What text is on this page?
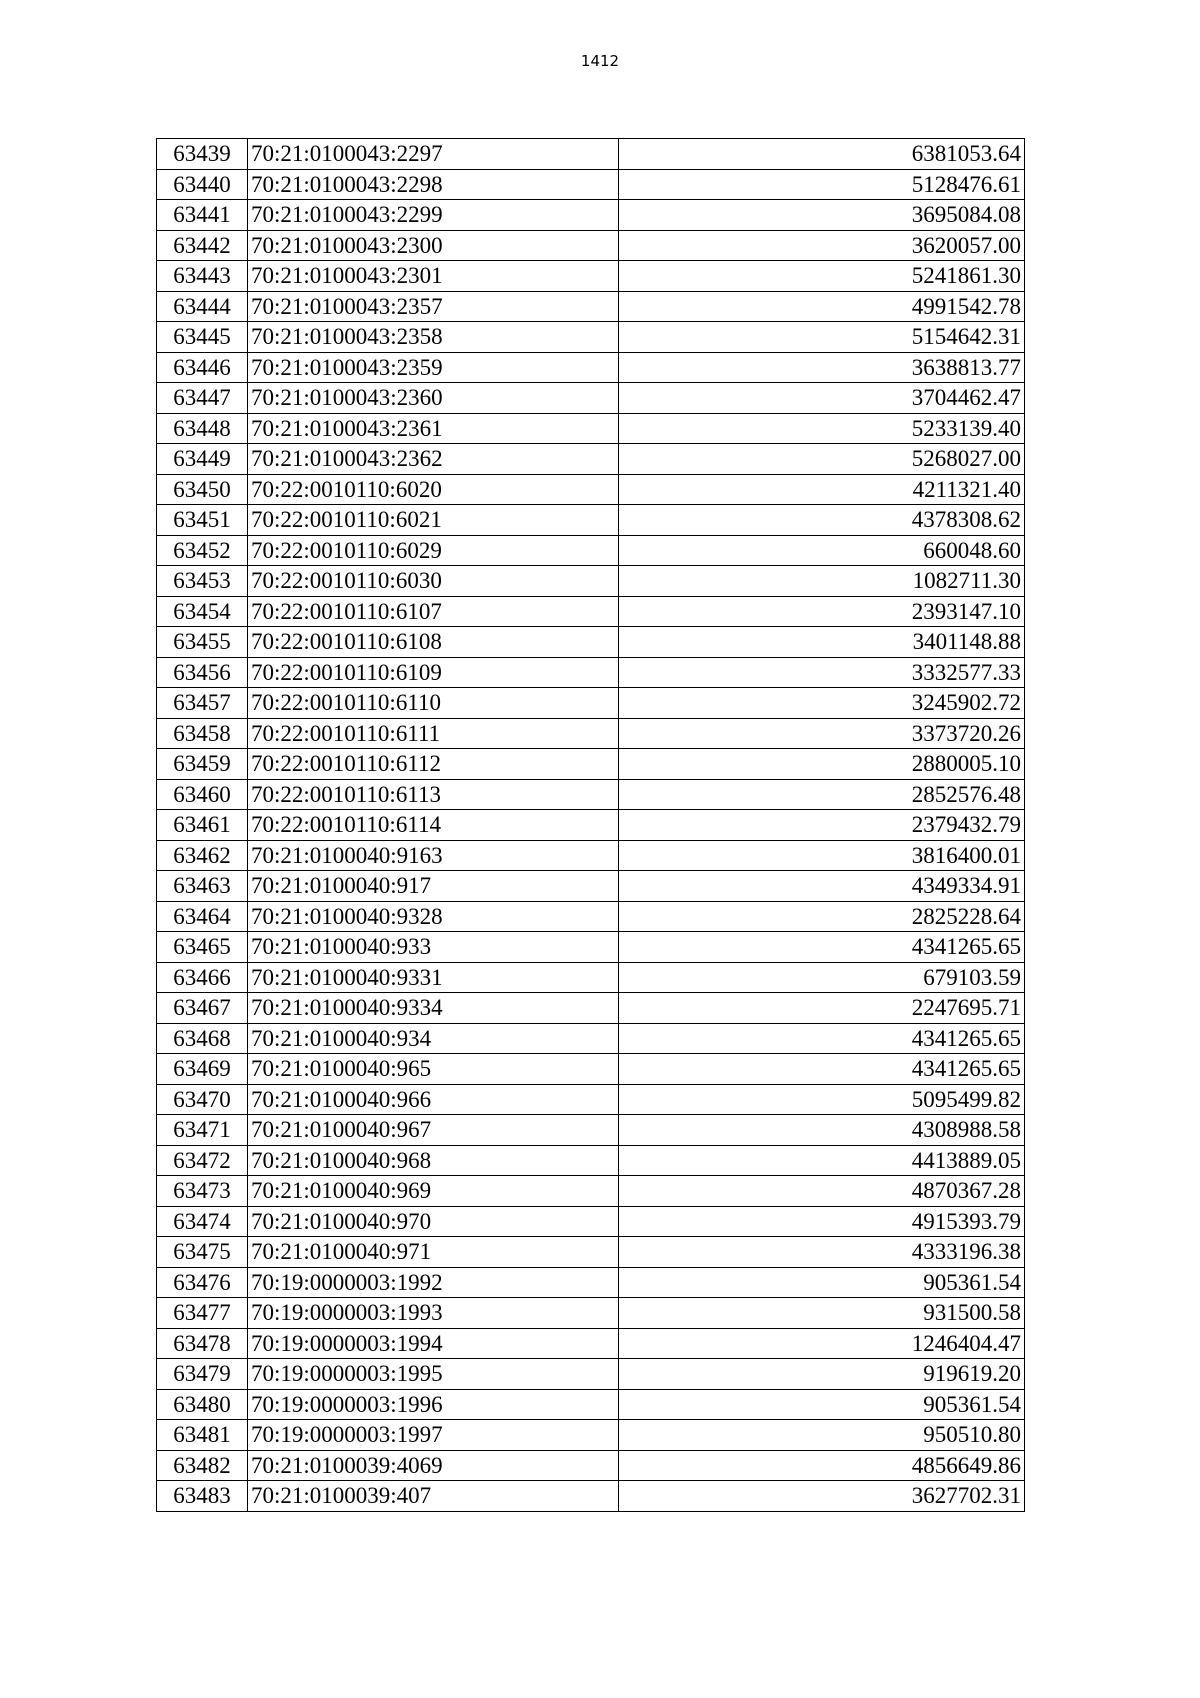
1412
63439	70:21:0100043:2297	6381053.64
63440	70:21:0100043:2298	5128476.61
63441	70:21:0100043:2299	3695084.08
63442	70:21:0100043:2300	3620057.00
63443	70:21:0100043:2301	5241861.30
63444	70:21:0100043:2357	4991542.78
63445	70:21:0100043:2358	5154642.31
63446	70:21:0100043:2359	3638813.77
63447	70:21:0100043:2360	3704462.47
63448	70:21:0100043:2361	5233139.40
63449	70:21:0100043:2362	5268027.00
63450	70:22:0010110:6020	4211321.40
63451	70:22:0010110:6021	4378308.62
63452	70:22:0010110:6029	660048.60
63453	70:22:0010110:6030	1082711.30
63454	70:22:0010110:6107	2393147.10
63455	70:22:0010110:6108	3401148.88
63456	70:22:0010110:6109	3332577.33
63457	70:22:0010110:6110	3245902.72
63458	70:22:0010110:6111	3373720.26
63459	70:22:0010110:6112	2880005.10
63460	70:22:0010110:6113	2852576.48
63461	70:22:0010110:6114	2379432.79
63462	70:21:0100040:9163	3816400.01
63463	70:21:0100040:917	4349334.91
63464	70:21:0100040:9328	2825228.64
63465	70:21:0100040:933	4341265.65
63466	70:21:0100040:9331	679103.59
63467	70:21:0100040:9334	2247695.71
63468	70:21:0100040:934	4341265.65
63469	70:21:0100040:965	4341265.65
63470	70:21:0100040:966	5095499.82
63471	70:21:0100040:967	4308988.58
63472	70:21:0100040:968	4413889.05
63473	70:21:0100040:969	4870367.28
63474	70:21:0100040:970	4915393.79
63475	70:21:0100040:971	4333196.38
63476	70:19:0000003:1992	905361.54
63477	70:19:0000003:1993	931500.58
63478	70:19:0000003:1994	1246404.47
63479	70:19:0000003:1995	919619.20
63480	70:19:0000003:1996	905361.54
63481	70:19:0000003:1997	950510.80
63482	70:21:0100039:4069	4856649.86
63483	70:21:0100039:407	3627702.31
